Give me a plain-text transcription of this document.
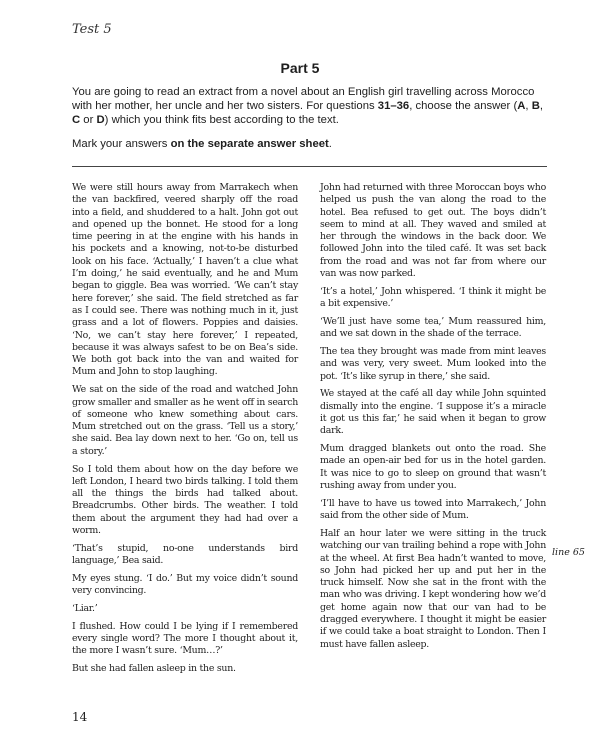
Test 5
Part 5

You are going to read an extract from a novel about an English girl travelling across Morocco with her mother, her uncle and her two sisters. For questions 31–36, choose the answer (A, B, C or D) which you think fits best according to the text.

Mark your answers on the separate answer sheet.

We were still hours away from Marrakech when the van backfired, veered sharply off the road into a field, and shuddered to a halt. John got out and opened up the bonnet. He stood for a long time peering in at the engine with his hands in his pockets and a knowing, not-to-be disturbed look on his face. ‘Actually,’ I haven’t a clue what I’m doing,’ he said eventually, and he and Mum began to giggle. Bea was worried. ‘We can’t stay here forever,’ she said. The field stretched as far as I could see. There was nothing much in it, just grass and a lot of flowers. Poppies and daisies. ‘No, we can’t stay here forever,’ I repeated, because it was always safest to be on Bea’s side. We both got back into the van and waited for Mum and John to stop laughing.

We sat on the side of the road and watched John grow smaller and smaller as he went off in search of someone who knew something about cars. Mum stretched out on the grass. ‘Tell us a story,’ she said. Bea lay down next to her. ‘Go on, tell us a story.’

So I told them about how on the day before we left London, I heard two birds talking. I told them all the things the birds had talked about. Breadcrumbs. Other birds. The weather. I told them about the argument they had had over a worm.

‘That’s stupid, no-one understands bird language,’ Bea said.

My eyes stung. ‘I do.’ But my voice didn’t sound very convincing.

‘Liar.’

I flushed. How could I be lying if I remembered every single word? The more I thought about it, the more I wasn’t sure. ‘Mum…?’

But she had fallen asleep in the sun.

John had returned with three Moroccan boys who helped us push the van along the road to the hotel. Bea refused to get out. The boys didn’t seem to mind at all. They waved and smiled at her through the windows in the back door. We followed John into the tiled café. It was set back from the road and was not far from where our van was now parked.

‘It’s a hotel,’ John whispered. ‘I think it might be a bit expensive.’

‘We’ll just have some tea,’ Mum reassured him, and we sat down in the shade of the terrace.

The tea they brought was made from mint leaves and was very, very sweet. Mum looked into the pot. ‘It’s like syrup in there,’ she said.

We stayed at the café all day while John squinted dismally into the engine. ‘I suppose it’s a miracle it got us this far,’ he said when it began to grow dark.

Mum dragged blankets out onto the road. She made an open-air bed for us in the hotel garden. It was nice to go to sleep on ground that wasn’t rushing away from under you.

‘I’ll have to have us towed into Marrakech,’ John said from the other side of Mum.

Half an hour later we were sitting in the truck watching our van trailing behind a rope with John at the wheel. At first Bea hadn’t wanted to move, so John had picked her up and put her in the truck himself. Now she sat in the front with the man who was driving. I kept wondering how we’d get home again now that our van had to be dragged everywhere. I thought it might be easier if we could take a boat straight to London. Then I must have fallen asleep.

line 65
14
